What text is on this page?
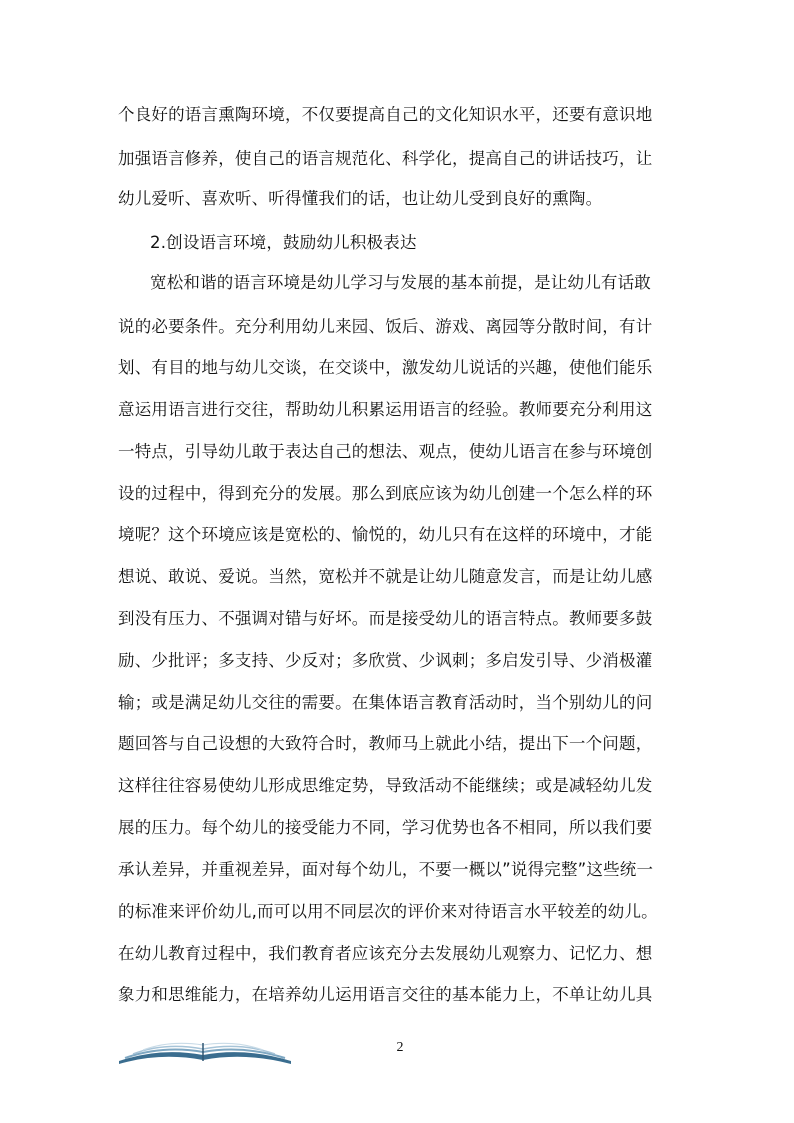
个良好的语言熏陶环境，不仅要提高自己的文化知识水平，还要有意识地
加强语言修养，使自己的语言规范化、科学化，提高自己的讲话技巧，让
幼儿爱听、喜欢听、听得懂我们的话，也让幼儿受到良好的熏陶。
2.创设语言环境，鼓励幼儿积极表达
宽松和谐的语言环境是幼儿学习与发展的基本前提，是让幼儿有话敢
说的必要条件。充分利用幼儿来园、饭后、游戏、离园等分散时间，有计
划、有目的地与幼儿交谈，在交谈中，激发幼儿说话的兴趣，使他们能乐
意运用语言进行交往，帮助幼儿积累运用语言的经验。教师要充分利用这
一特点，引导幼儿敢于表达自己的想法、观点，使幼儿语言在参与环境创
设的过程中，得到充分的发展。那么到底应该为幼儿创建一个怎么样的环
境呢？这个环境应该是宽松的、愉悦的，幼儿只有在这样的环境中，才能
想说、敢说、爱说。当然，宽松并不就是让幼儿随意发言，而是让幼儿感
到没有压力、不强调对错与好坏。而是接受幼儿的语言特点。教师要多鼓
励、少批评；多支持、少反对；多欣赏、少讽刺；多启发引导、少消极灌
输；或是满足幼儿交往的需要。在集体语言教育活动时，当个别幼儿的问
题回答与自己设想的大致符合时，教师马上就此小结，提出下一个问题，
这样往往容易使幼儿形成思维定势，导致活动不能继续；或是减轻幼儿发
展的压力。每个幼儿的接受能力不同，学习优势也各不相同，所以我们要
承认差异，并重视差异，面对每个幼儿，不要一概以”说得完整”这些统一
的标准来评价幼儿,而可以用不同层次的评价来对待语言水平较差的幼儿。
在幼儿教育过程中，我们教育者应该充分去发展幼儿观察力、记忆力、想
象力和思维能力，在培养幼儿运用语言交往的基本能力上，不单让幼儿具
2
